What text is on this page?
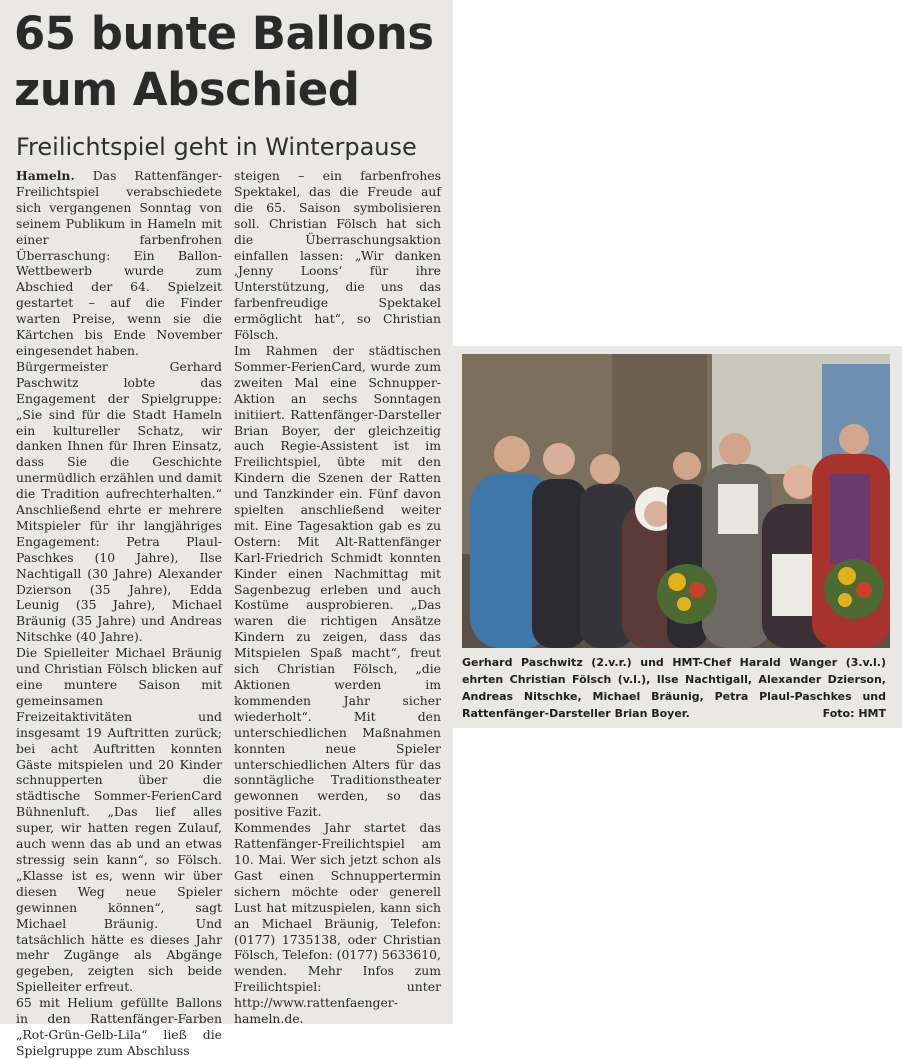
65 bunte Ballons
zum Abschied
Freilichtspiel geht in Winterpause

Hameln. Das Rattenfänger-Freilichtspiel verabschiedete sich vergangenen Sonntag von seinem Publikum in Hameln mit einer farbenfrohen Überraschung: Ein Ballon-Wettbewerb wurde zum Abschied der 64. Spielzeit gestartet – auf die Finder warten Preise, wenn sie die Kärtchen bis Ende November eingesendet haben.

Bürgermeister Gerhard Paschwitz lobte das Engagement der Spielgruppe: „Sie sind für die Stadt Hameln ein kultureller Schatz, wir danken Ihnen für Ihren Einsatz, dass Sie die Geschichte unermüdlich erzählen und damit die Tradition aufrechterhalten.“ Anschließend ehrte er mehrere Mitspieler für ihr langjähriges Engagement: Petra Plaul-Paschkes (10 Jahre), Ilse Nachtigall (30 Jahre) Alexander Dzierson (35 Jahre), Edda Leunig (35 Jahre), Michael Bräunig (35 Jahre) und Andreas Nitschke (40 Jahre).

Die Spielleiter Michael Bräunig und Christian Fölsch blicken auf eine muntere Saison mit gemeinsamen Freizeitaktivitäten und insgesamt 19 Auftritten zurück; bei acht Auftritten konnten Gäste mitspielen und 20 Kinder schnupperten über die städtische Sommer-FerienCard Bühnenluft. „Das lief alles super, wir hatten regen Zulauf, auch wenn das ab und an etwas stressig sein kann“, so Fölsch. „Klasse ist es, wenn wir über diesen Weg neue Spieler gewinnen können“, sagt Michael Bräunig. Und tatsächlich hätte es dieses Jahr mehr Zugänge als Abgänge gegeben, zeigten sich beide Spielleiter erfreut.

65 mit Helium gefüllte Ballons in den Rattenfänger-Farben „Rot-Grün-Gelb-Lila“ ließ die Spielgruppe zum Abschluss

steigen – ein farbenfrohes Spektakel, das die Freude auf die 65. Saison symbolisieren soll. Christian Fölsch hat sich die Überraschungsaktion einfallen lassen: „Wir danken ‚Jenny Loons‘ für ihre Unterstützung, die uns das farbenfreudige Spektakel ermöglicht hat“, so Christian Fölsch.

Im Rahmen der städtischen Sommer-FerienCard, wurde zum zweiten Mal eine Schnupper-Aktion an sechs Sonntagen initiiert. Rattenfänger-Darsteller Brian Boyer, der gleichzeitig auch Regie-Assistent ist im Freilichtspiel, übte mit den Kindern die Szenen der Ratten und Tanzkinder ein. Fünf davon spielten anschließend weiter mit. Eine Tagesaktion gab es zu Ostern: Mit Alt-Rattenfänger Karl-Friedrich Schmidt konnten Kinder einen Nachmittag mit Sagenbezug erleben und auch Kostüme ausprobieren. „Das waren die richtigen Ansätze Kindern zu zeigen, dass das Mitspielen Spaß macht“, freut sich Christian Fölsch, „die Aktionen werden im kommenden Jahr sicher wiederholt“. Mit den unterschiedlichen Maßnahmen konnten neue Spieler unterschiedlichen Alters für das sonntägliche Traditionstheater gewonnen werden, so das positive Fazit.

Kommendes Jahr startet das Rattenfänger-Freilichtspiel am 10. Mai. Wer sich jetzt schon als Gast einen Schnuppertermin sichern möchte oder generell Lust hat mitzuspielen, kann sich an Michael Bräunig, Telefon: (0177) 1735138, oder Christian Fölsch, Telefon: (0177) 5633610, wenden. Mehr Infos zum Freilichtspiel: unter http://www.rattenfaenger-hameln.de.

Gerhard Paschwitz (2.v.r.) und HMT-Chef Harald Wanger (3.v.l.) ehrten Christian Fölsch (v.l.), Ilse Nachtigall, Alexander Dzierson, Andreas Nitschke, Michael Bräunig, Petra Plaul-Paschkes und Rattenfänger-Darsteller Brian Boyer.	Foto: HMT
